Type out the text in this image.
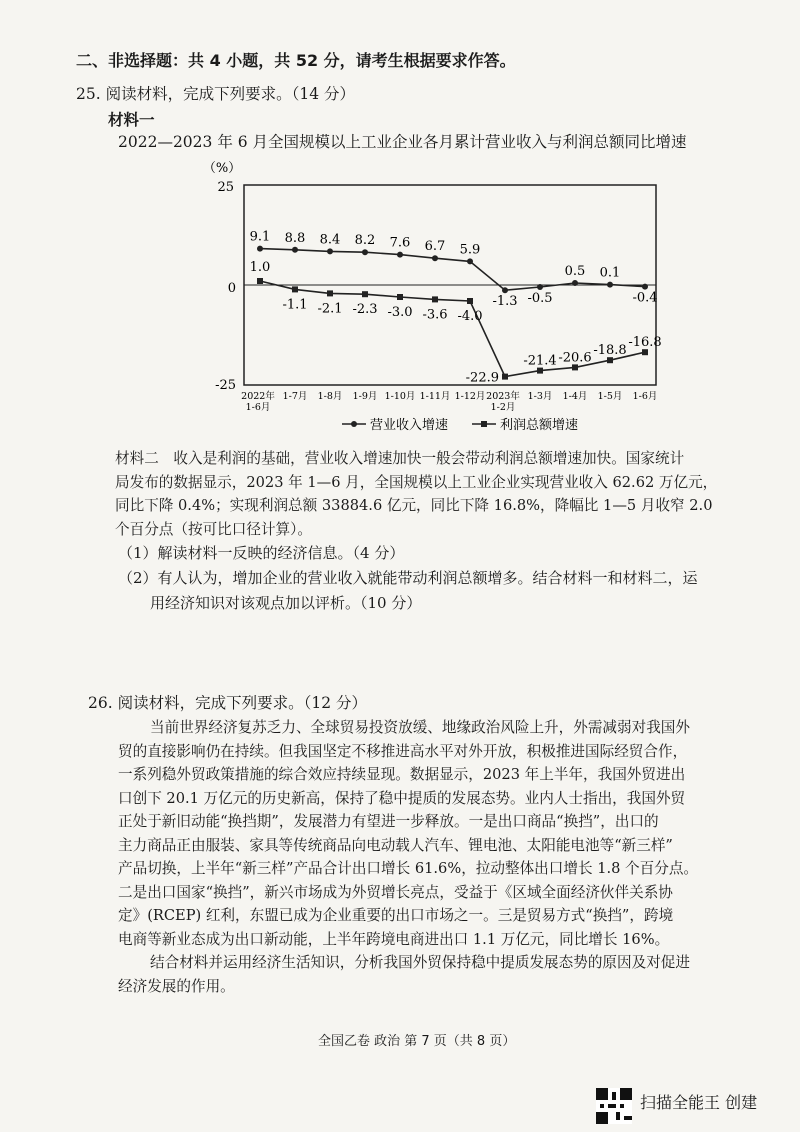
二、非选择题：共 4 小题，共 52 分，请考生根据要求作答。
25. 阅读材料，完成下列要求。（14 分）
材料一
2022—2023 年 6 月全国规模以上工业企业各月累计营业收入与利润总额同比增速
（%）
25
0
-25
2022年
1-6月
1-7月 1-8月 1-9月 1-10月 1-11月 1-12月 2023年
1-2月
1-3月 1-4月 1-5月 1-6月
9.1 8.8 8.4 8.2 7.6 6.7 5.9
-1.3 -0.5
0.5 0.1
-0.4
1.0
-1.1 -2.1 -2.3 -3.0 -3.6 -4.0
-22.9
-21.4 -20.6 -18.8
-16.8
营业收入增速	利润总额增速

材料二　收入是利润的基础，营业收入增速加快一般会带动利润总额增速加快。国家统计

局发布的数据显示，2023 年 1—6 月，全国规模以上工业企业实现营业收入 62.62 万亿元，

同比下降 0.4%；实现利润总额 33884.6 亿元，同比下降 16.8%，降幅比 1—5 月收窄 2.0

个百分点（按可比口径计算）。

（1）解读材料一反映的经济信息。（4 分）
（2）有人认为，增加企业的营业收入就能带动利润总额增多。结合材料一和材料二，运
用经济知识对该观点加以评析。（10 分）
26. 阅读材料，完成下列要求。（12 分）

当前世界经济复苏乏力、全球贸易投资放缓、地缘政治风险上升，外需减弱对我国外

贸的直接影响仍在持续。但我国坚定不移推进高水平对外开放，积极推进国际经贸合作，

一系列稳外贸政策措施的综合效应持续显现。数据显示，2023 年上半年，我国外贸进出

口创下 20.1 万亿元的历史新高，保持了稳中提质的发展态势。业内人士指出，我国外贸

正处于新旧动能“换挡期”，发展潜力有望进一步释放。一是出口商品“换挡”，出口的

主力商品正由服装、家具等传统商品向电动载人汽车、锂电池、太阳能电池等“新三样”

产品切换，上半年“新三样”产品合计出口增长 61.6%，拉动整体出口增长 1.8 个百分点。

二是出口国家“换挡”，新兴市场成为外贸增长亮点，受益于《区域全面经济伙伴关系协

定》(RCEP) 红利，东盟已成为企业重要的出口市场之一。三是贸易方式“换挡”，跨境

电商等新业态成为出口新动能，上半年跨境电商进出口 1.1 万亿元，同比增长 16%。

结合材料并运用经济生活知识，分析我国外贸保持稳中提质发展态势的原因及对促进

经济发展的作用。

全国乙卷 政治 第 7 页（共 8 页）
扫描全能王 创建
